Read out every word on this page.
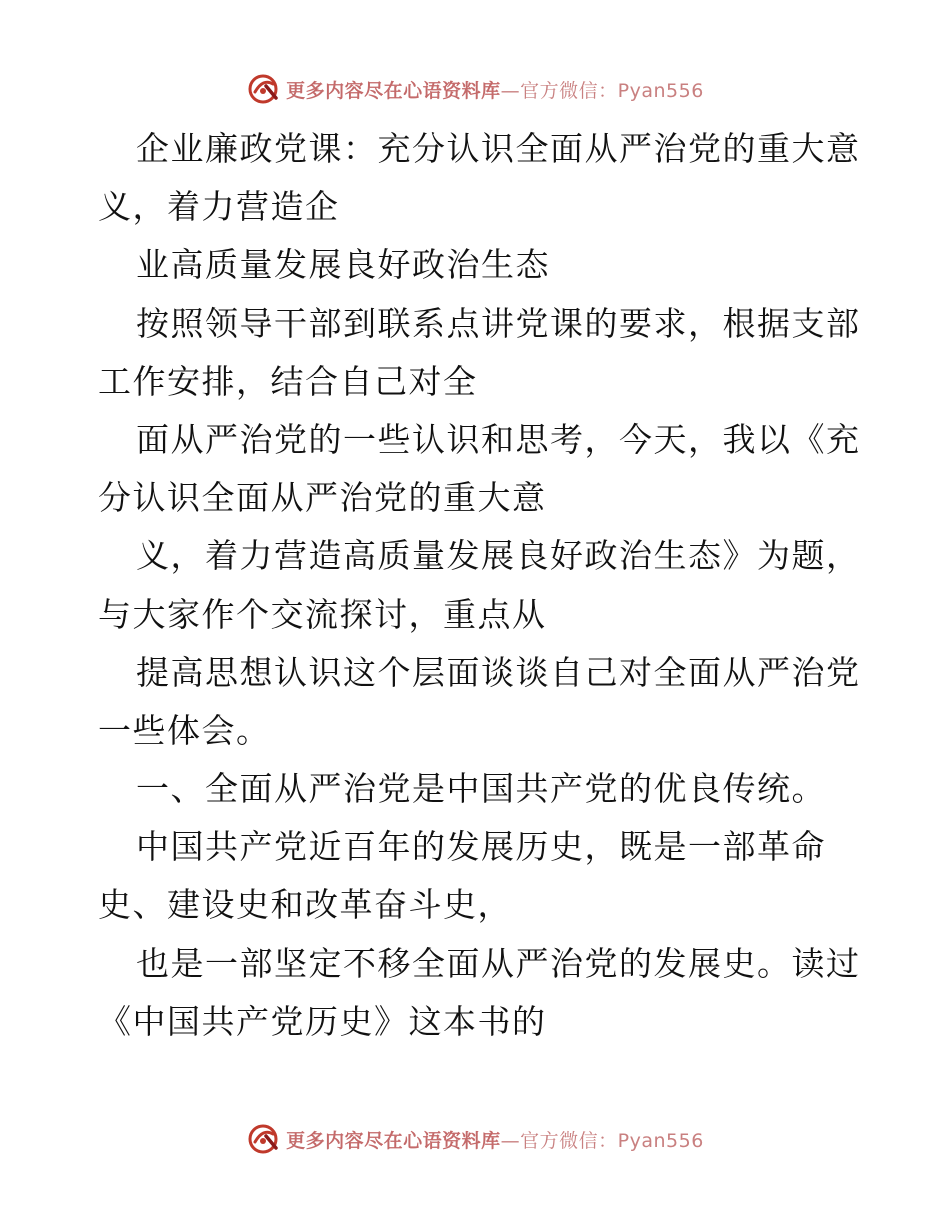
更多内容尽在心语资料库—官方微信：Pyan556
企业廉政党课：充分认识全面从严治党的重大意
义，着力营造企
业高质量发展良好政治生态
按照领导干部到联系点讲党课的要求，根据支部
工作安排，结合自己对全
面从严治党的一些认识和思考，今天，我以《充
分认识全面从严治党的重大意
义，着力营造高质量发展良好政治生态》为题，
与大家作个交流探讨，重点从
提高思想认识这个层面谈谈自己对全面从严治党
一些体会。
一、全面从严治党是中国共产党的优良传统。
中国共产党近百年的发展历史，既是一部革命
史、建设史和改革奋斗史，
也是一部坚定不移全面从严治党的发展史。读过
《中国共产党历史》这本书的
更多内容尽在心语资料库—官方微信：Pyan556
